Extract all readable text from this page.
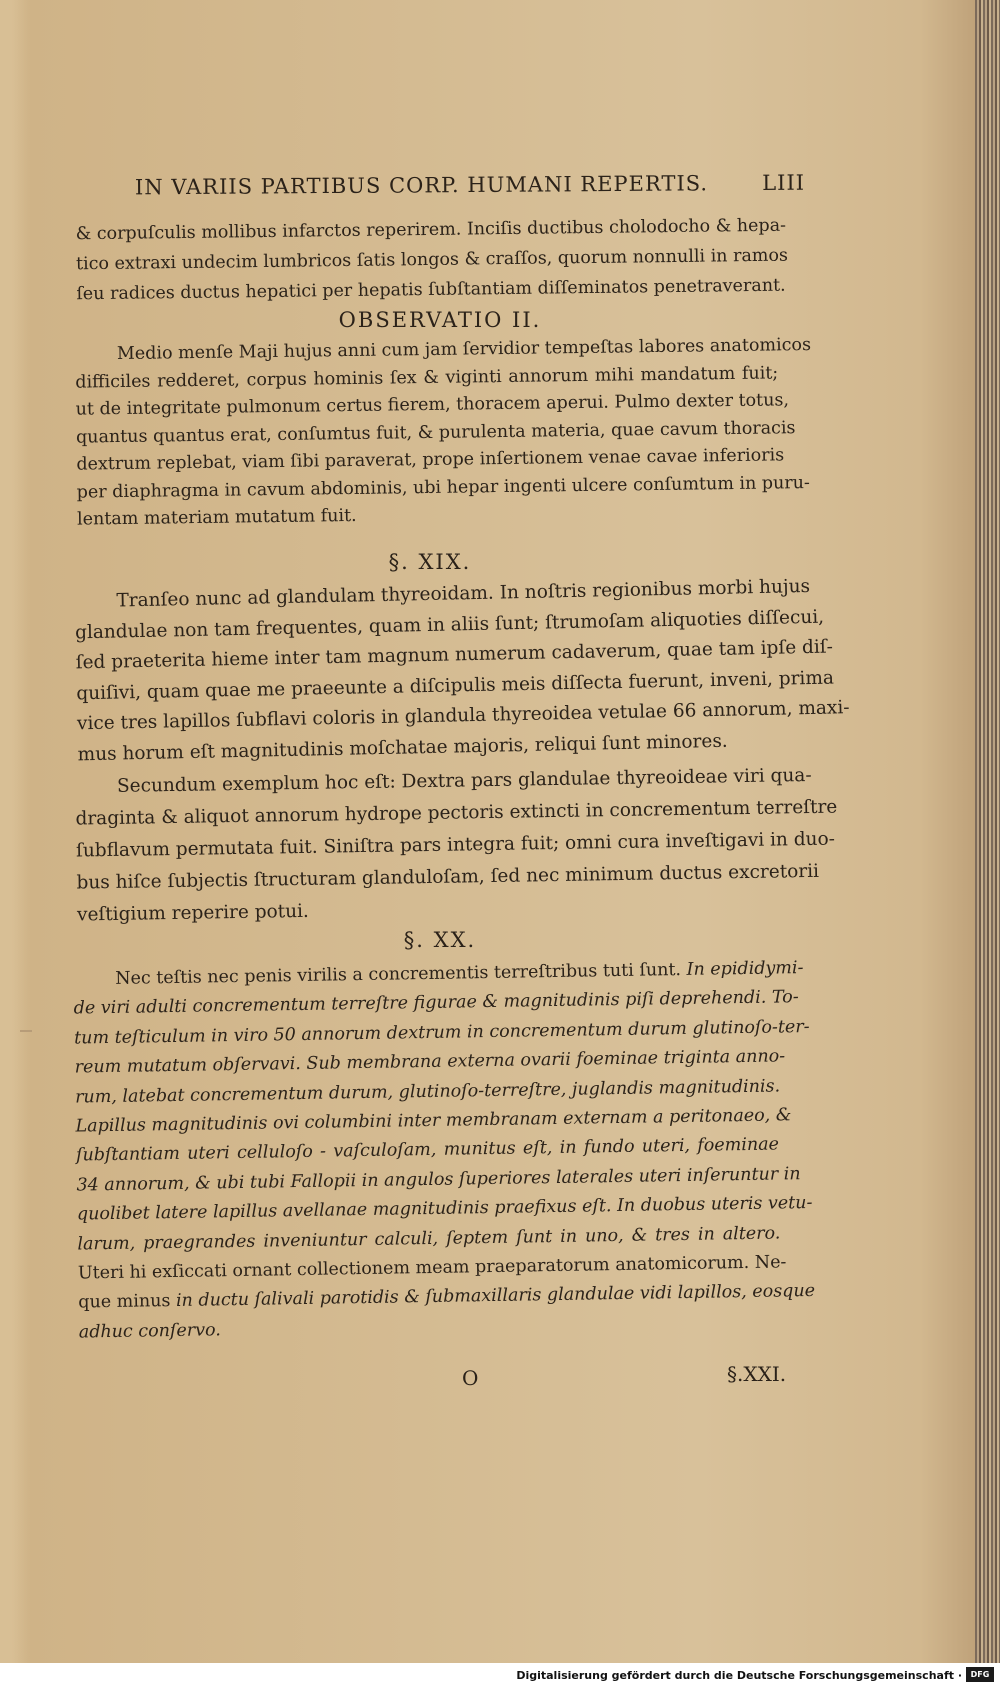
IN VARIIS PARTIBUS CORP. HUMANI REPERTIS.	LIII
& corpuſculis mollibus infarctos reperirem. Inciſis ductibus cholodocho & hepa-
tico extraxi undecim lumbricos ſatis longos & craſſos, quorum nonnulli in ramos
ſeu radices ductus hepatici per hepatis ſubſtantiam diſſeminatos penetraverant.
OBSERVATIO II.
Medio menſe Maji hujus anni cum jam ſervidior tempeſtas labores anatomicos
difficiles redderet, corpus hominis ſex & viginti annorum mihi mandatum fuit;
ut de integritate pulmonum certus fierem, thoracem aperui. Pulmo dexter totus,
quantus quantus erat, conſumtus fuit, & purulenta materia, quae cavum thoracis
dextrum replebat, viam ſibi paraverat, prope inſertionem venae cavae inferioris
per diaphragma in cavum abdominis, ubi hepar ingenti ulcere conſumtum in puru-
lentam materiam mutatum fuit.
§. XIX.
Tranſeo nunc ad glandulam thyreoidam. In noſtris regionibus morbi hujus
glandulae non tam frequentes, quam in aliis ſunt; ſtrumoſam aliquoties diſſecui,
ſed praeterita hieme inter tam magnum numerum cadaverum, quae tam ipſe diſ-
quiſivi, quam quae me praeeunte a diſcipulis meis diſſecta fuerunt, inveni, prima
vice tres lapillos ſubflavi coloris in glandula thyreoidea vetulae 66 annorum, maxi-
mus horum eſt magnitudinis moſchatae majoris, reliqui ſunt minores.
Secundum exemplum hoc eſt: Dextra pars glandulae thyreoideae viri qua-
draginta & aliquot annorum hydrope pectoris extincti in concrementum terreſtre
ſubflavum permutata fuit. Siniſtra pars integra fuit; omni cura inveſtigavi in duo-
bus hiſce ſubjectis ſtructuram glanduloſam, ſed nec minimum ductus excretorii
veſtigium reperire potui.
§. XX.
Nec teſtis nec penis virilis a concrementis terreſtribus tuti ſunt. In epididymi-
de viri adulti concrementum terreſtre figurae & magnitudinis piſi deprehendi. To-
tum teſticulum in viro 50 annorum dextrum in concrementum durum glutinoſo-ter-
reum mutatum obſervavi. Sub membrana externa ovarii foeminae triginta anno-
rum, latebat concrementum durum, glutinoſo-terreſtre, juglandis magnitudinis.
Lapillus magnitudinis ovi columbini inter membranam externam a peritonaeo, &
ſubſtantiam uteri celluloſo - vaſculoſam, munitus eſt, in fundo uteri, foeminae
34 annorum, & ubi tubi Fallopii in angulos ſuperiores laterales uteri inſeruntur in
quolibet latere lapillus avellanae magnitudinis praefixus eſt. In duobus uteris vetu-
larum, praegrandes inveniuntur calculi, ſeptem ſunt in uno, & tres in altero.
Uteri hi exſiccati ornant collectionem meam praeparatorum anatomicorum. Ne-
que minus in ductu ſalivali parotidis & ſubmaxillaris glandulae vidi lapillos, eosque
adhuc conſervo.
O	§.XXI.
Digitalisierung gefördert durch die Deutsche Forschungsgemeinschaft ·	DFG
